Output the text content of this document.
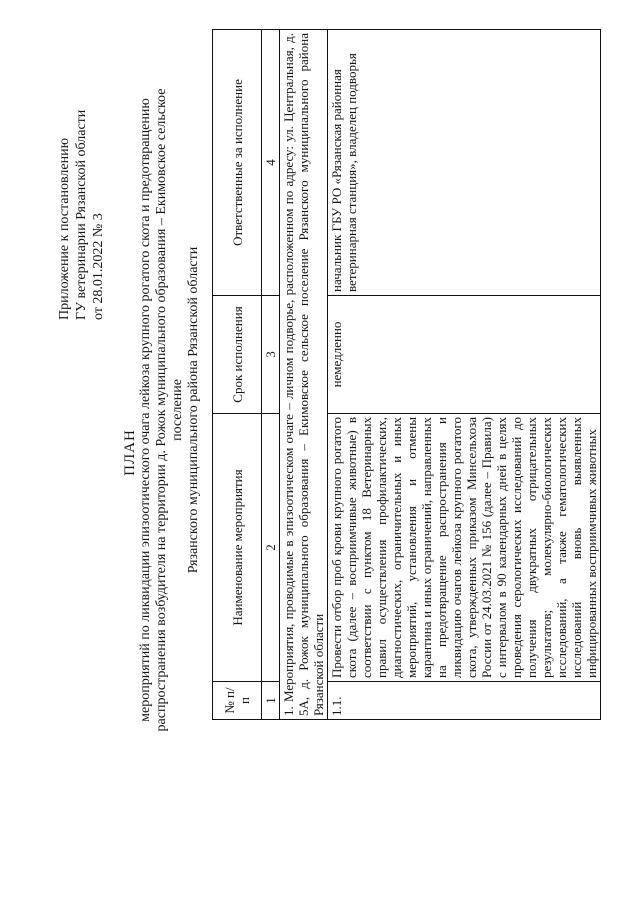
Приложение к постановлению ГУ ветеринарии Рязанской области от 28.01.2022 № 3
ПЛАН мероприятий по ликвидации эпизоотического очага лейкоза крупного рогатого скота и предотвращению распространения возбудителя на территории д. Рожок муниципального образования – Екимовское сельское поселение Рязанского муниципального района Рязанской области
№ п/п	Наименование мероприятия	Срок исполнения	Ответственные за исполнение
1	2	3	4
1. Мероприятия, проводимые в эпизоотическом очаге – личном подворье, расположенном по адресу: ул. Центральная, д. 5А, д. Рожок муниципального образования – Екимовское сельское поселение Рязанского муниципального района Рязанской области			
1.1.	Провести отбор проб крови крупного рогатого скота (далее – восприимчивые животные) в соответствии с пунктом 18 Ветеринарных правил осуществления профилактических, диагностических, ограничительных и иных мероприятий, установления и отмены карантина и иных ограничений, направленных на предотвращение распространения и ликвидацию очагов лейкоза крупного рогатого скота, утвержденных приказом Минсельхоза России от 24.03.2021 № 156 (далее – Правила) с интервалом в 90 календарных дней в целях проведения серологических исследований до получения двукратных отрицательных результатов; молекулярно-биологических исследований, а также гематологических исследований вновь выявленных инфицированных восприимчивых животных	немедленно	начальник ГБУ РО «Рязанская районная ветеринарная станция», владелец подворья
